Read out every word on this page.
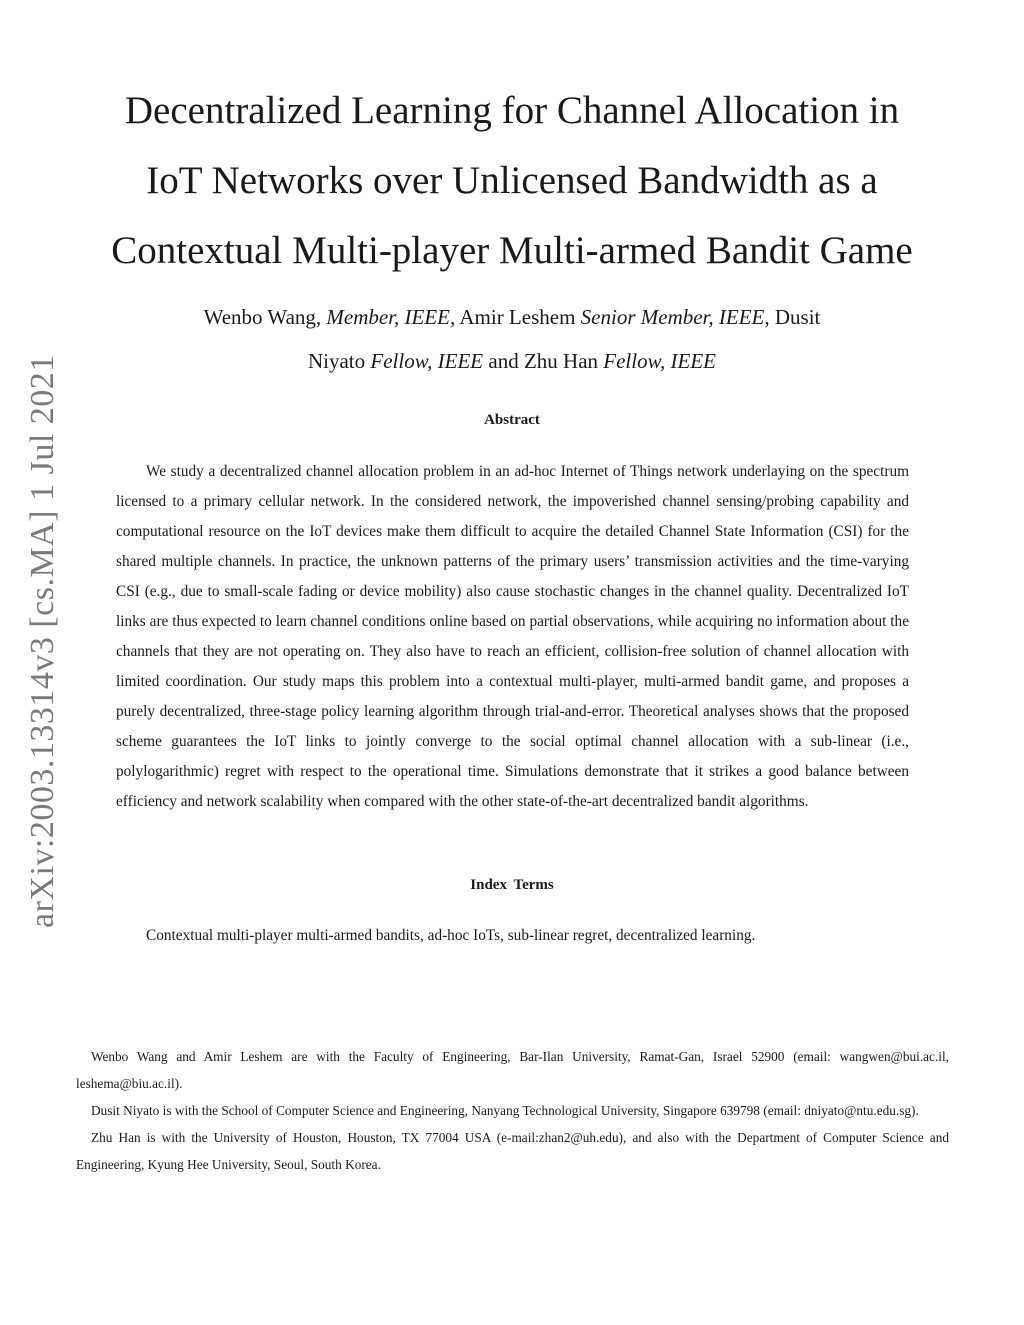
Decentralized Learning for Channel Allocation in
IoT Networks over Unlicensed Bandwidth as a
Contextual Multi-player Multi-armed Bandit Game
Wenbo Wang, Member, IEEE, Amir Leshem Senior Member, IEEE, Dusit
Niyato Fellow, IEEE and Zhu Han Fellow, IEEE
arXiv:2003.13314v3 [cs.MA] 1 Jul 2021	Abstract

We study a decentralized channel allocation problem in an ad-hoc Internet of Things network underlaying on the spectrum licensed to a primary cellular network. In the considered network, the impoverished channel sensing/probing capability and computational resource on the IoT devices make them difficult to acquire the detailed Channel State Information (CSI) for the shared multiple channels. In practice, the unknown patterns of the primary users’ transmission activities and the time-varying CSI (e.g., due to small-scale fading or device mobility) also cause stochastic changes in the channel quality. Decentralized IoT links are thus expected to learn channel conditions online based on partial observations, while acquiring no information about the channels that they are not operating on. They also have to reach an efficient, collision-free solution of channel allocation with limited coordination. Our study maps this problem into a contextual multi-player, multi-armed bandit game, and proposes a purely decentralized, three-stage policy learning algorithm through trial-and-error. Theoretical analyses shows that the proposed scheme guarantees the IoT links to jointly converge to the social optimal channel allocation with a sub-linear (i.e., polylogarithmic) regret with respect to the operational time. Simulations demonstrate that it strikes a good balance between efficiency and network scalability when compared with the other state-of-the-art decentralized bandit algorithms.

Index Terms

Contextual multi-player multi-armed bandits, ad-hoc IoTs, sub-linear regret, decentralized learning.

Wenbo Wang and Amir Leshem are with the Faculty of Engineering, Bar-Ilan University, Ramat-Gan, Israel 52900 (email: wangwen@bui.ac.il, leshema@biu.ac.il).

Dusit Niyato is with the School of Computer Science and Engineering, Nanyang Technological University, Singapore 639798 (email: dniyato@ntu.edu.sg).

Zhu Han is with the University of Houston, Houston, TX 77004 USA (e-mail:zhan2@uh.edu), and also with the Department of Computer Science and Engineering, Kyung Hee University, Seoul, South Korea.
